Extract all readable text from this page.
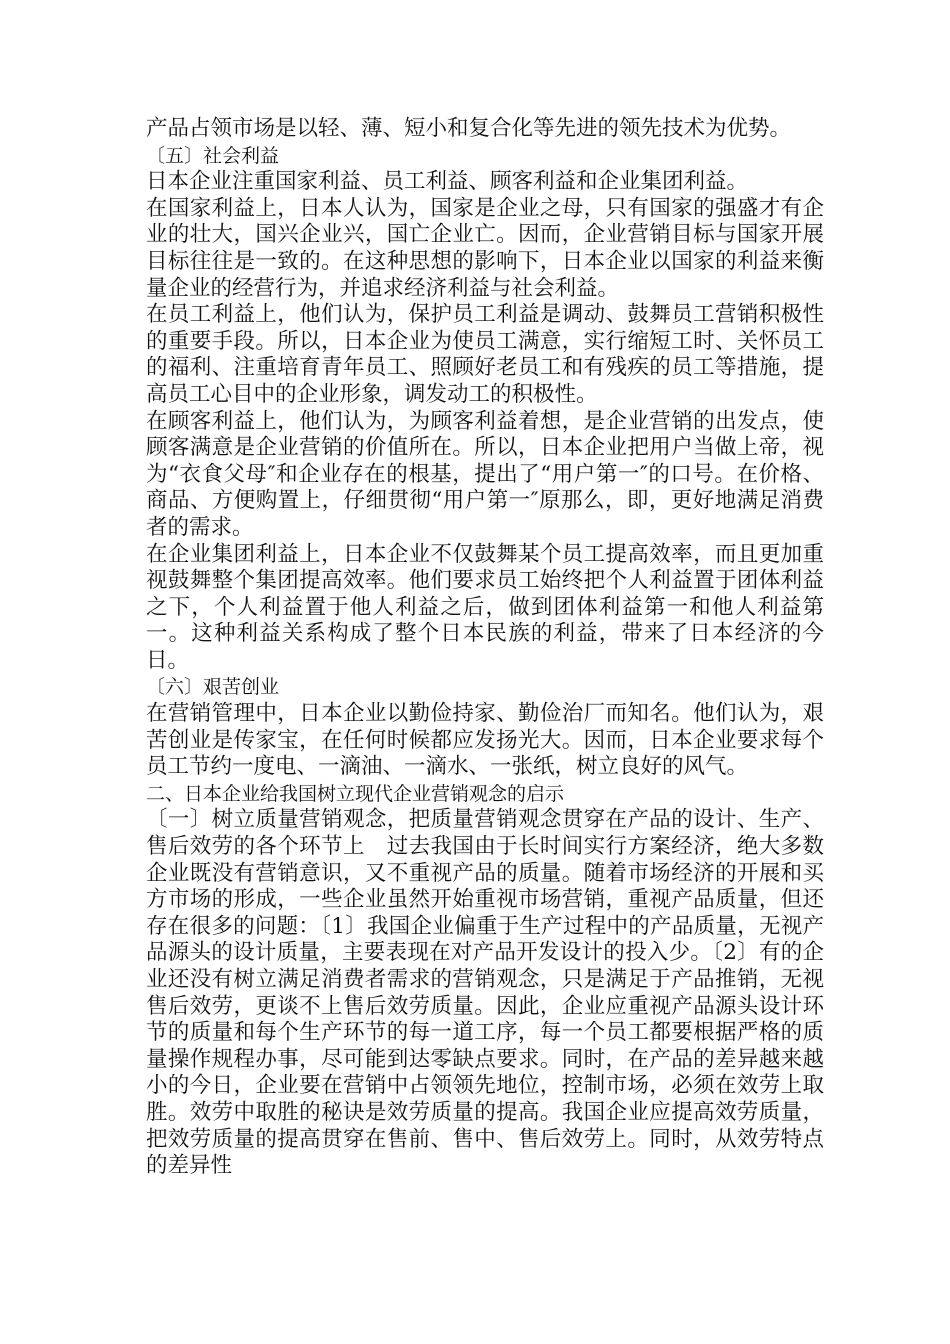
产品占领市场是以轻、薄、短小和复合化等先进的领先技术为优势。

〔五〕社会利益

日本企业注重国家利益、员工利益、顾客利益和企业集团利益。

在国家利益上，日本人认为，国家是企业之母，只有国家的强盛才有企业的壮大，国兴企业兴，国亡企业亡。因而，企业营销目标与国家开展目标往往是一致的。在这种思想的影响下，日本企业以国家的利益来衡量企业的经营行为，并追求经济利益与社会利益。

在员工利益上，他们认为，保护员工利益是调动、鼓舞员工营销积极性的重要手段。所以，日本企业为使员工满意，实行缩短工时、关怀员工的福利、注重培育青年员工、照顾好老员工和有残疾的员工等措施，提高员工心目中的企业形象，调发动工的积极性。

在顾客利益上，他们认为，为顾客利益着想，是企业营销的出发点，使顾客满意是企业营销的价值所在。所以，日本企业把用户当做上帝，视为“衣食父母″和企业存在的根基，提出了“用户第一″的口号。在价格、商品、方便购置上，仔细贯彻“用户第一″原那么，即，更好地满足消费者的需求。

在企业集团利益上，日本企业不仅鼓舞某个员工提高效率，而且更加重视鼓舞整个集团提高效率。他们要求员工始终把个人利益置于团体利益之下，个人利益置于他人利益之后，做到团体利益第一和他人利益第一。这种利益关系构成了整个日本民族的利益，带来了日本经济的今日。

〔六〕艰苦创业

在营销管理中，日本企业以勤俭持家、勤俭治厂而知名。他们认为，艰苦创业是传家宝，在任何时候都应发扬光大。因而，日本企业要求每个员工节约一度电、一滴油、一滴水、一张纸，树立良好的风气。

二、日本企业给我国树立现代企业营销观念的启示

〔一〕树立质量营销观念，把质量营销观念贯穿在产品的设计、生产、售后效劳的各个环节上　过去我国由于长时间实行方案经济，绝大多数企业既没有营销意识，又不重视产品的质量。随着市场经济的开展和买方市场的形成，一些企业虽然开始重视市场营销，重视产品质量，但还存在很多的问题：〔1〕我国企业偏重于生产过程中的产品质量，无视产品源头的设计质量，主要表现在对产品开发设计的投入少。〔2〕有的企业还没有树立满足消费者需求的营销观念，只是满足于产品推销，无视售后效劳，更谈不上售后效劳质量。因此，企业应重视产品源头设计环节的质量和每个生产环节的每一道工序，每一个员工都要根据严格的质量操作规程办事，尽可能到达零缺点要求。同时，在产品的差异越来越小的今日，企业要在营销中占领领先地位，控制市场，必须在效劳上取胜。效劳中取胜的秘诀是效劳质量的提高。我国企业应提高效劳质量，把效劳质量的提高贯穿在售前、售中、售后效劳上。同时，从效劳特点的差异性
